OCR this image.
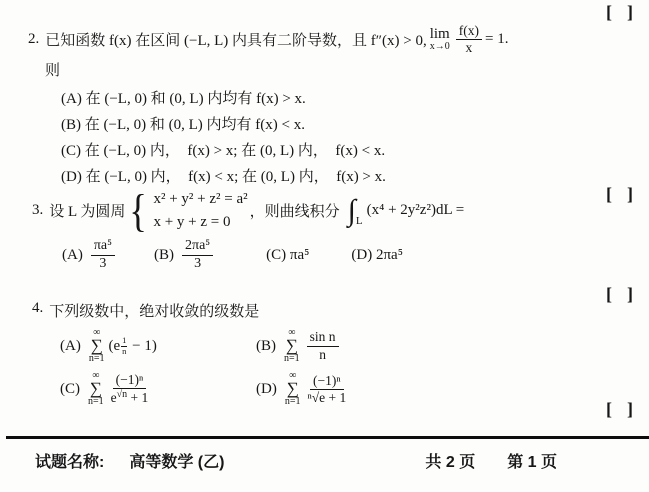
[ ]
[ ]
[ ]
[ ]
2. 已知函数 f(x) 在区间 (−L, L) 内具有二阶导数，且 f″(x) > 0, lim
$x\to 0 \frac{f(x)}{x} = 1$.
则
(A) 在 (−L, 0) 和 (0, L) 内均有 f(x) > x.
(B) 在 (−L, 0) 和 (0, L) 内均有 f(x) < x.
(C) 在 (−L, 0) 内，  f(x) > x; 在 (0, L) 内，  f(x) < x.
(D) 在 (−L, 0) 内，  f(x) < x; 在 (0, L) 内，  f(x) > x.
3. 设 L 为圆周 { x² + y² + z² = a²
x + y + z = 0
，则曲线积分 ∫ L
(x⁴ + 2y²z²)dL =
$(A) \frac{\text{πa⁵}}{3}$	$(B) \frac{\text{2πa⁵}}{3}$	(C) πa⁵	(D) 2πa⁵
4. 下列级数中，绝对收敛的级数是
(A)
∞
∑
n=1
$(e \frac{1}{n} - 1)$	(B)
∞
∑
$n=1 \frac{\text{sin n}}{n}$
(C)
∞
∑
$n=1 \frac{\text{(−1)ⁿ}}{e^{√n} + 1}$	(D)
∞
∑
$n=1 \frac{\text{(−1)ⁿ}}{\text{ⁿ√e + 1}}$
试题名称: 高等数学 (乙)	共 2 页 第 1 页
